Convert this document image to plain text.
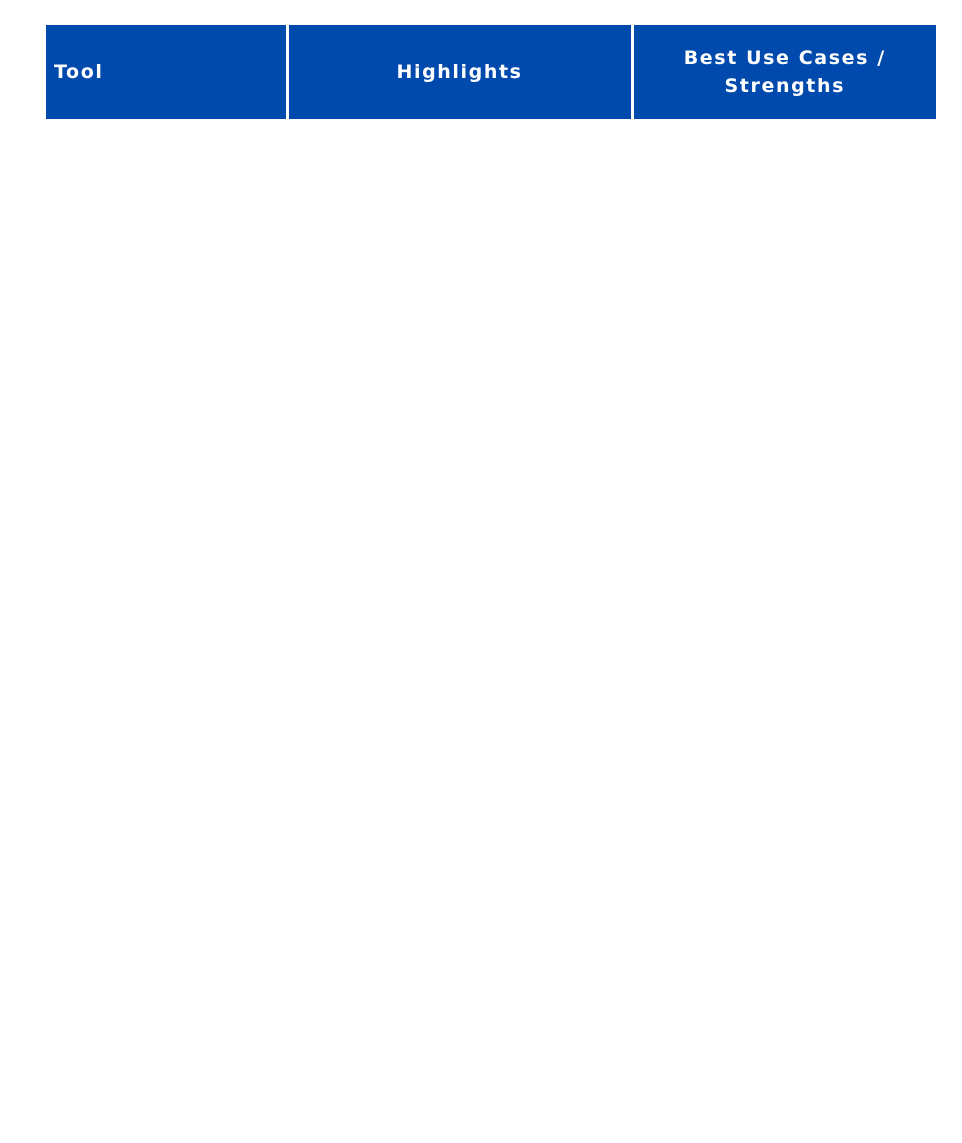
Tool	Highlights	Best Use Cases / Strengths
